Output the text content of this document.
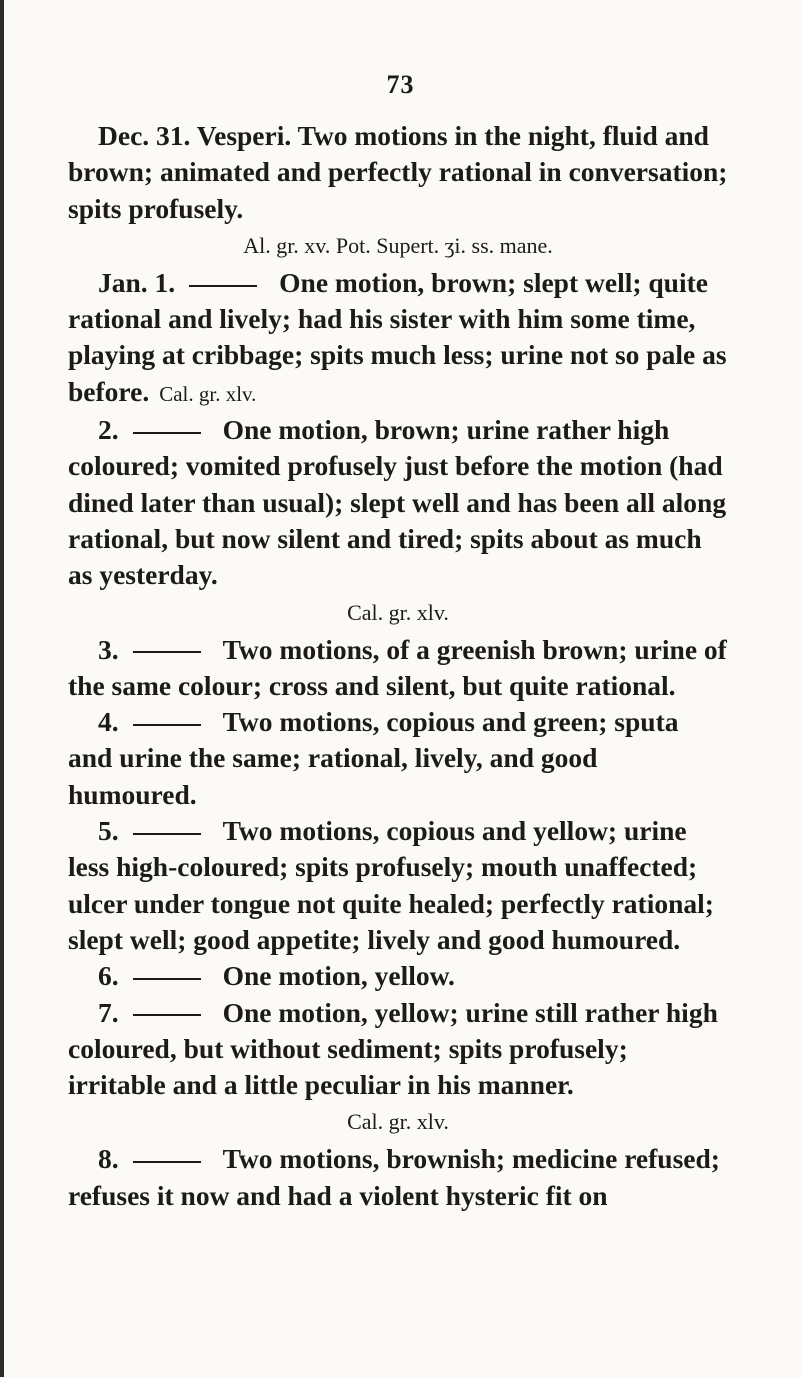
73

Dec. 31. Vesperi. Two motions in the night, fluid and brown; animated and perfectly rational in conversation; spits profusely.

Al. gr. xv. Pot. Supert. ʒi. ss. mane.

Jan. 1.	One motion, brown; slept well; quite rational and lively; had his sister with him some time, playing at cribbage; spits much less; urine not so pale as before. Cal. gr. xlv.

2.	One motion, brown; urine rather high coloured; vomited profusely just before the motion (had dined later than usual); slept well and has been all along rational, but now silent and tired; spits about as much as yesterday.

Cal. gr. xlv.

3.	Two motions, of a greenish brown; urine of the same colour; cross and silent, but quite rational.

4.	Two motions, copious and green; sputa and urine the same; rational, lively, and good humoured.

5.	Two motions, copious and yellow; urine less high-coloured; spits profusely; mouth unaffected; ulcer under tongue not quite healed; perfectly rational; slept well; good appetite; lively and good humoured.

6.	One motion, yellow.

7.	One motion, yellow; urine still rather high coloured, but without sediment; spits profusely; irritable and a little peculiar in his manner.

Cal. gr. xlv.

8.	Two motions, brownish; medicine refused; refuses it now and had a violent hysteric fit on
